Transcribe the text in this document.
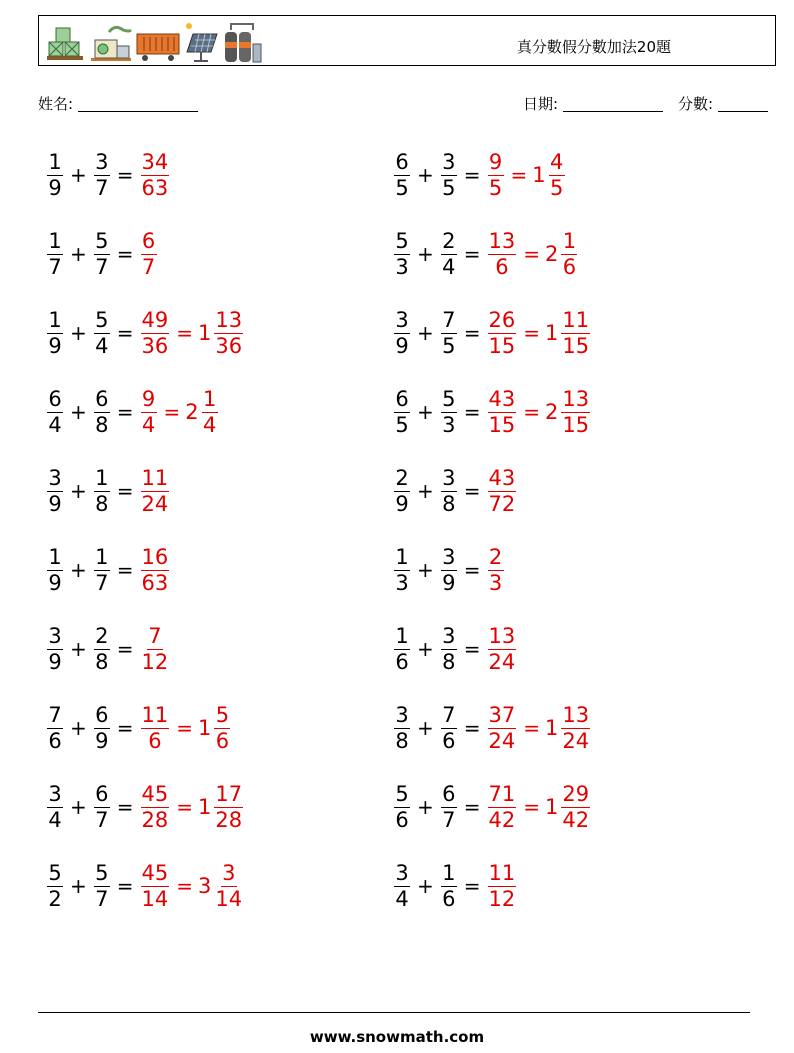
真分數假分數加法20題
姓名:	日期:	分數:
$\frac{1}{9} + \frac{3}{7} = \frac{34}{63}$	$\frac{6}{5} + \frac{3}{5} = \frac{9}{5} = 1 \frac{4}{5}$
$\frac{1}{7} + \frac{5}{7} = \frac{6}{7}$	$\frac{5}{3} + \frac{2}{4} = \frac{13}{6} = 2 \frac{1}{6}$
$\frac{1}{9} + \frac{5}{4} = \frac{49}{36} = 1 \frac{13}{36}$	$\frac{3}{9} + \frac{7}{5} = \frac{26}{15} = 1 \frac{11}{15}$
$\frac{6}{4} + \frac{6}{8} = \frac{9}{4} = 2 \frac{1}{4}$	$\frac{6}{5} + \frac{5}{3} = \frac{43}{15} = 2 \frac{13}{15}$
$\frac{3}{9} + \frac{1}{8} = \frac{11}{24}$	$\frac{2}{9} + \frac{3}{8} = \frac{43}{72}$
$\frac{1}{9} + \frac{1}{7} = \frac{16}{63}$	$\frac{1}{3} + \frac{3}{9} = \frac{2}{3}$
$\frac{3}{9} + \frac{2}{8} = \frac{7}{12}$	$\frac{1}{6} + \frac{3}{8} = \frac{13}{24}$
$\frac{7}{6} + \frac{6}{9} = \frac{11}{6} = 1 \frac{5}{6}$	$\frac{3}{8} + \frac{7}{6} = \frac{37}{24} = 1 \frac{13}{24}$
$\frac{3}{4} + \frac{6}{7} = \frac{45}{28} = 1 \frac{17}{28}$	$\frac{5}{6} + \frac{6}{7} = \frac{71}{42} = 1 \frac{29}{42}$
$\frac{5}{2} + \frac{5}{7} = \frac{45}{14} = 3 \frac{3}{14}$	$\frac{3}{4} + \frac{1}{6} = \frac{11}{12}$
www.snowmath.com
